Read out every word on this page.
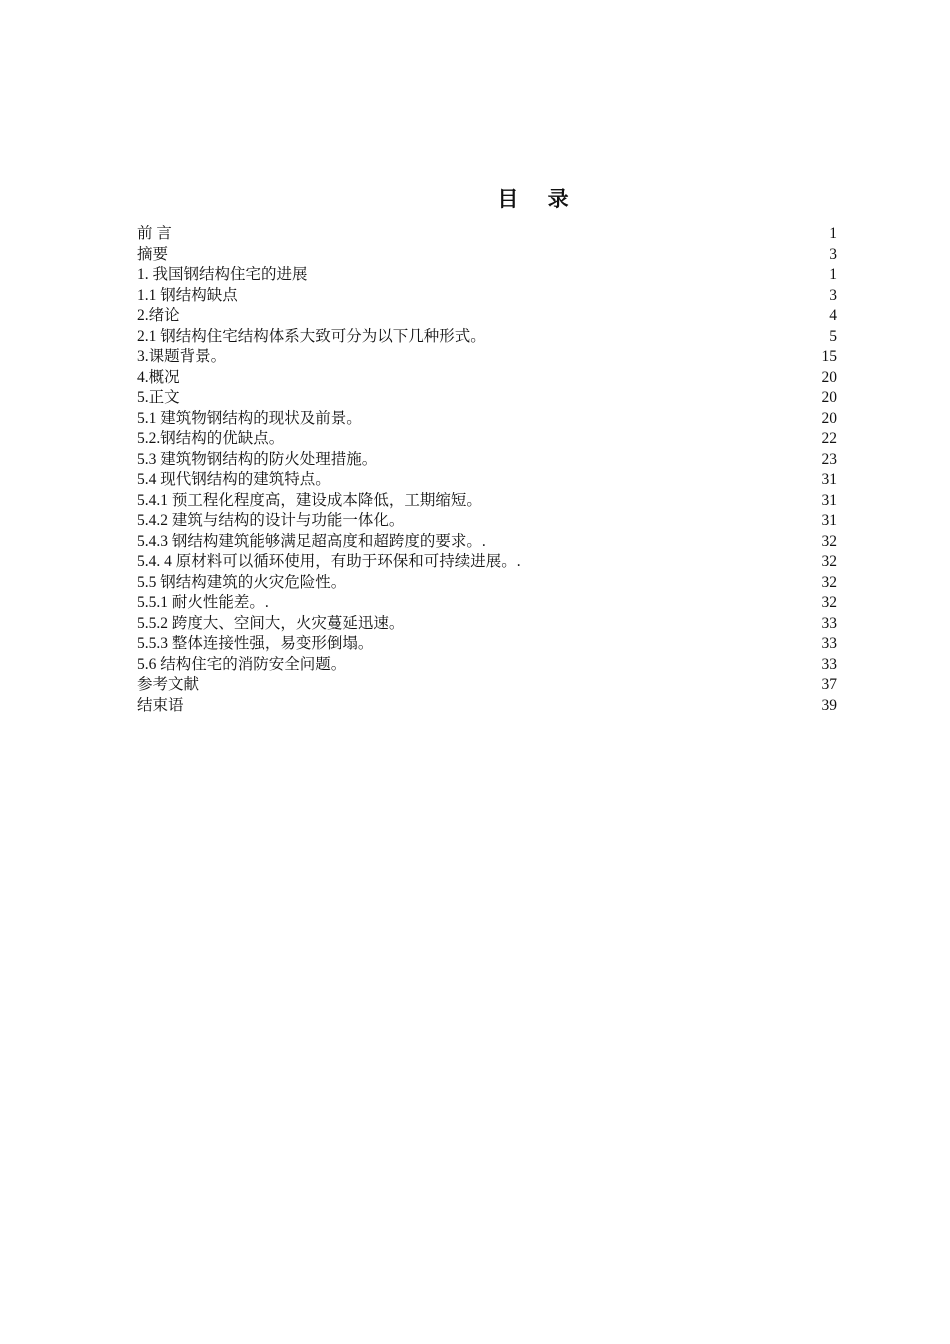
目    录
前 言	1
摘要	3
1. 我国钢结构住宅的进展	1
1.1 钢结构缺点	3
2.绪论	4
2.1 钢结构住宅结构体系大致可分为以下几种形式。	5
3.课题背景。	15
4.概况	20
5.正文	20
5.1 建筑物钢结构的现状及前景。	20
5.2.钢结构的优缺点。	22
5.3 建筑物钢结构的防火处理措施。	23
5.4 现代钢结构的建筑特点。	31
5.4.1 预工程化程度高，建设成本降低，工期缩短。	31
5.4.2 建筑与结构的设计与功能一体化。	31
5.4.3 钢结构建筑能够满足超高度和超跨度的要求。.	32
5.4. 4 原材料可以循环使用，有助于环保和可持续进展。.	32
5.5 钢结构建筑的火灾危险性。	32
5.5.1 耐火性能差。.	32
5.5.2 跨度大、空间大，火灾蔓延迅速。	33
5.5.3 整体连接性强，易变形倒塌。	33
5.6 结构住宅的消防安全问题。	33
参考文献	37
结束语	39
